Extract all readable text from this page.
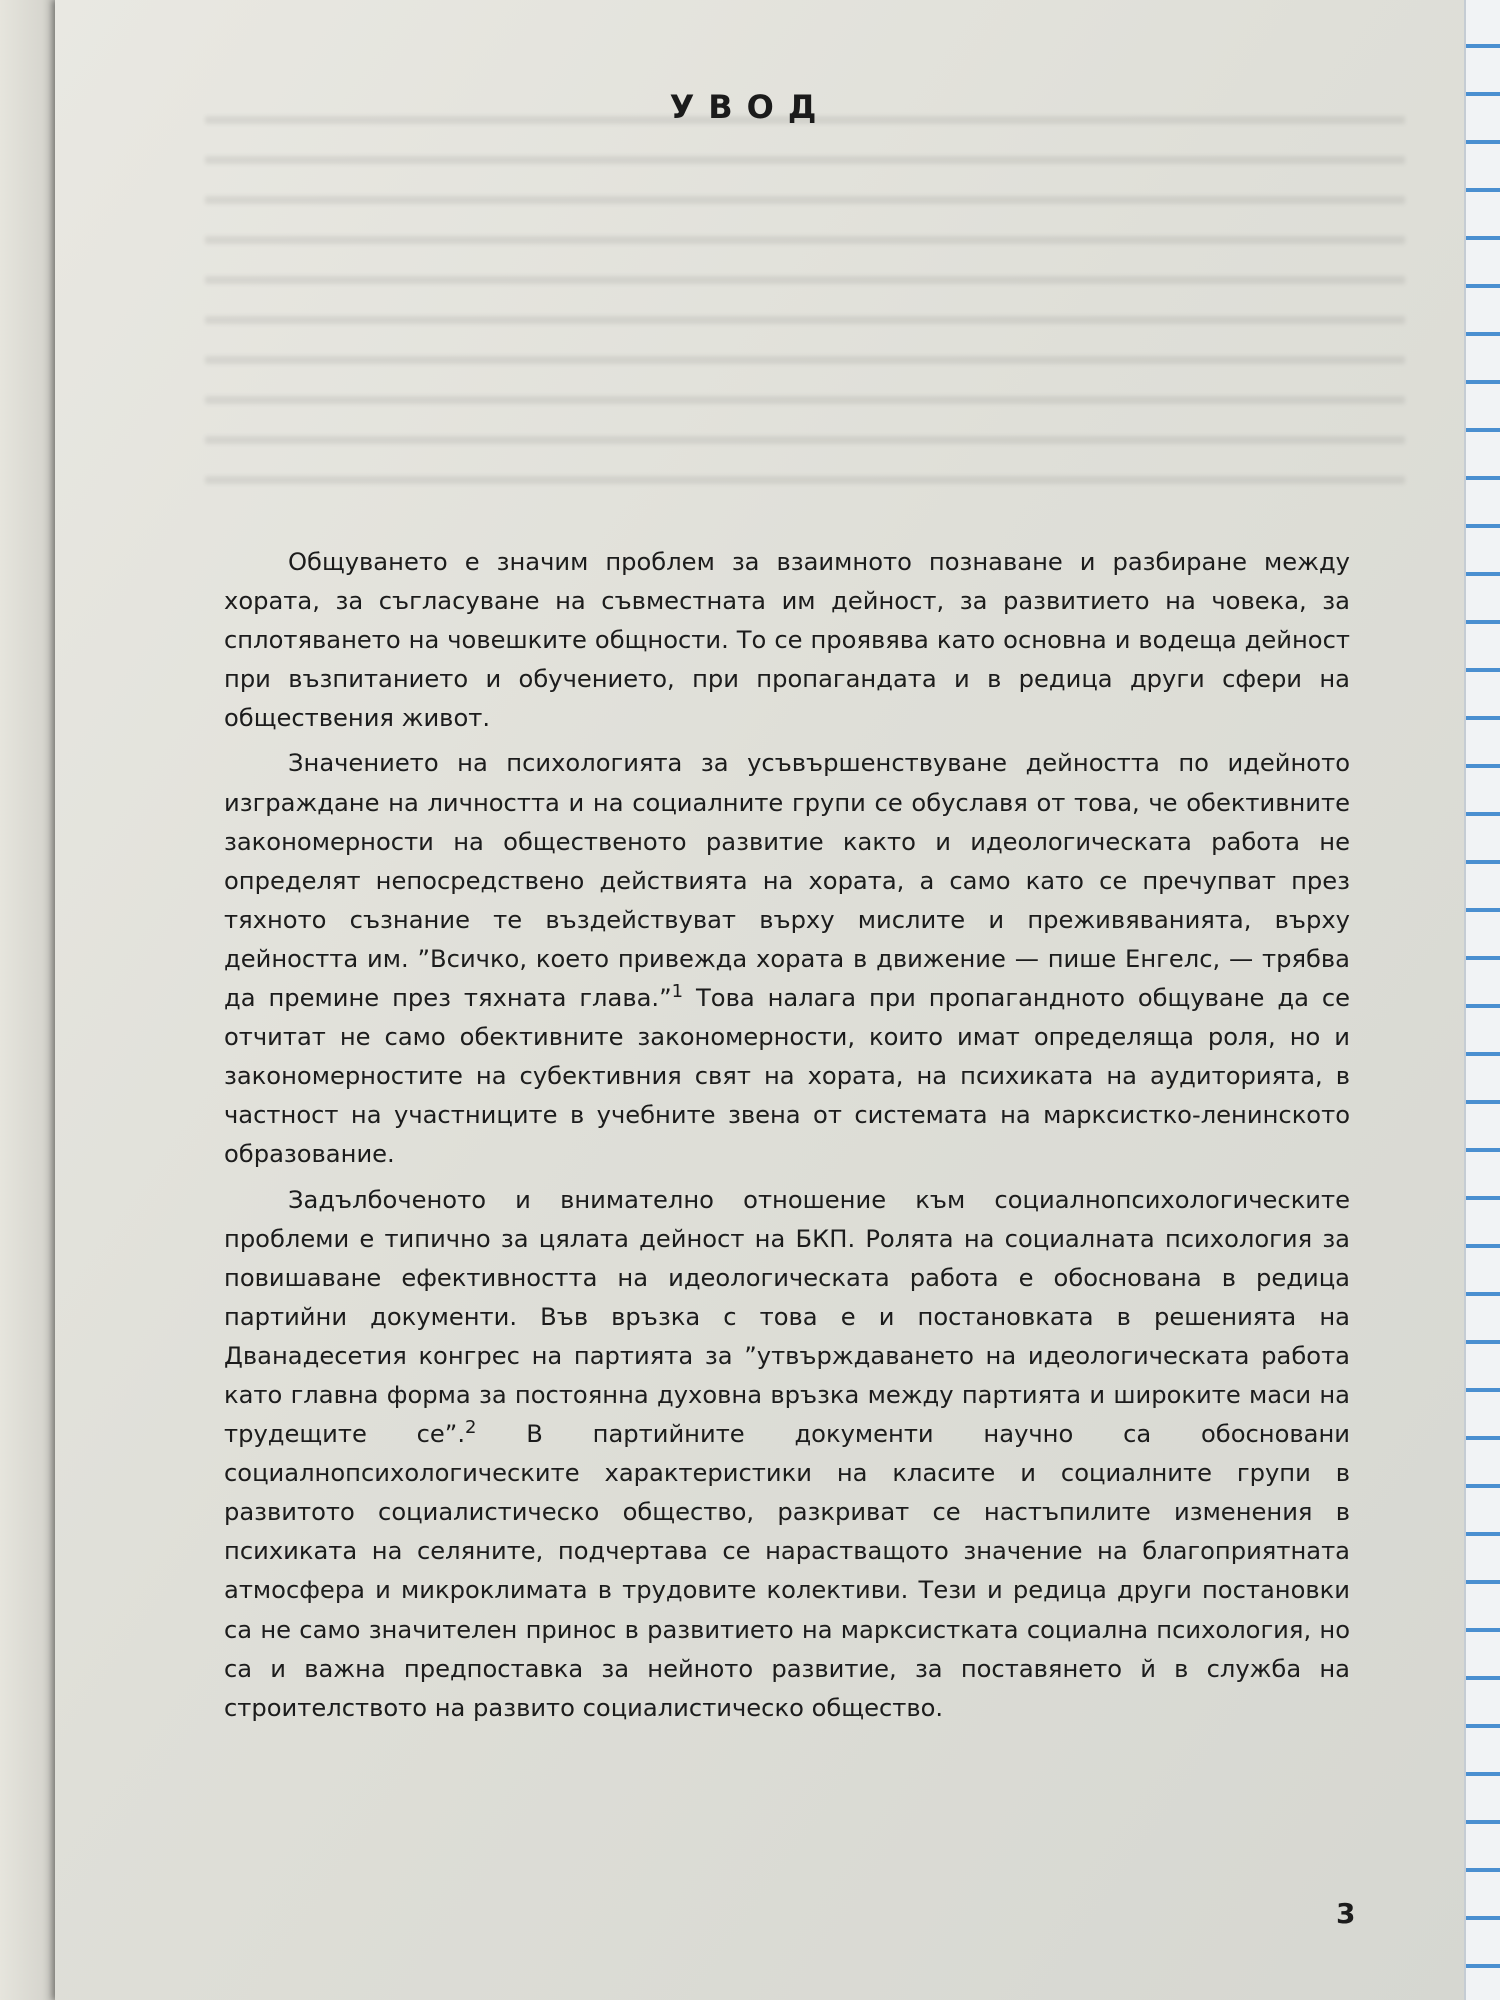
УВОД

Общуването е значим проблем за взаимното познаване и разбиране между хората, за съгласуване на съвместната им дейност, за развитието на човека, за сплотяването на човешките общности. То се проявява като основна и водеща дейност при възпитанието и обучението, при пропагандата и в редица други сфери на обществения живот.

Значението на психологията за усъвършенствуване дейността по идейното изграждане на личността и на социалните групи се обуславя от това, че обективните закономерности на общественото развитие както и идеологическата работа не определят непосредствено действията на хората, а само като се пречупват през тяхното съзнание те въздействуват върху мислите и преживяванията, върху дейността им. ”Всичко, което привежда хората в движение — пише Енгелс, — трябва да премине през тяхната глава.”$^1$ Това налага при пропагандното общуване да се отчитат не само обективните закономерности, които имат определяща роля, но и закономерностите на субективния свят на хората, на психиката на аудиторията, в частност на участниците в учебните звена от системата на марксистко-ленинското образование.

Задълбоченото и внимателно отношение към социалнопсихологическите проблеми е типично за цялата дейност на БКП. Ролята на социалната психология за повишаване ефективността на идеологическата работа е обоснована в редица партийни документи. Във връзка с това е и постановката в решенията на Дванадесетия конгрес на партията за ”утвърждаването на идеологическата работа като главна форма за постоянна духовна връзка между партията и широките маси на трудещите се”.$^2$ В партийните документи научно са обосновани социалнопсихологическите характеристики на класите и социалните групи в развитото социалистическо общество, разкриват се настъпилите изменения в психиката на селяните, подчертава се нарастващото значение на благоприятната атмосфера и микроклимата в трудовите колективи. Тези и редица други постановки са не само значителен принос в развитието на марксистката социална психология, но са и важна предпоставка за нейното развитие, за поставянето й в служба на строителството на развито социалистическо общество.

3
